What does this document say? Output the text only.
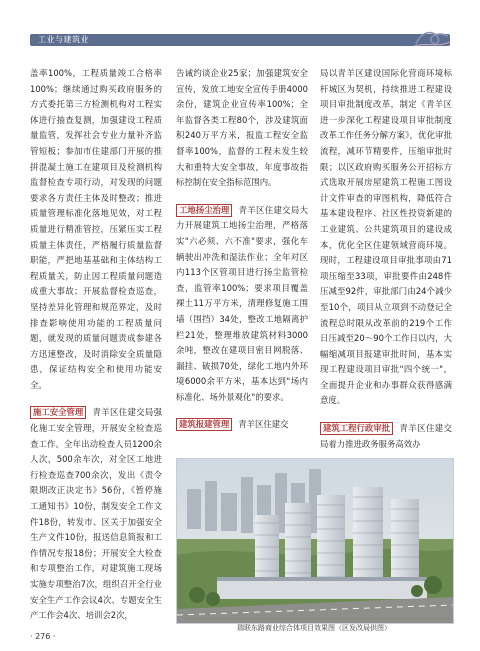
工业与建筑业

盖率100%，工程质量竣工合格率100%；继续通过购买政府服务的方式委托第三方检测机构对工程实体进行抽查复测，加强建设工程质量监管，发挥社会专业力量补齐监管短板；参加市住建部门开展的推拼混凝土施工在建项目及检测机构监督检查专项行动，对发现的问题要求各方责任主体及时整改；推进质量管理标准化落地见效，对工程质量进行精准管控，压紧压实工程质量主体责任，严格履行质量监督职能，严把地基基础和主体结构工程质量关，防止因工程质量问题造成重大事故；开展监督检查巡查，坚持差异化管理和规范界定，及时排查影响使用功能的工程质量问题，就发现的质量问题责成参建各方迅速整改，及时消除安全质量隐患，保证结构安全和使用功能安全。

施工安全管理 青羊区住建交局强化施工安全管理，开展安全检查巡查工作。全年出动检查人员1200余人次，500余车次，对全区工地进行检查巡查700余次，发出《责令限期改正决定书》56份，《暂停施工通知书》10份，制发安全工作文件18份，转发市、区关于加强安全生产文件10份，报送信息简报和工作情况专报18份；开展安全大检查和专项整治工作，对建筑施工现场实施专项整治7次，组织召开全行业安全生产工作会议4次、专题安全生产工作会4次、培训会2次，

告诫约谈企业25家；加强建筑安全宣传，发放工地安全宣传手册4000余份，建筑企业宣传率100%；全年监督各类工程80个，涉及建筑面积240万平方米，报监工程安全监督率100%，监督的工程未发生较大和重特大安全事故，年度事故指标控制在安全指标范围内。

工地扬尘治理 青羊区住建交局大力开展建筑工地扬尘治理，严格落实"六必须、六不准"要求，强化车辆驶出冲洗和湿法作业；全年对区内113个区管项目进行扬尘监管检查，监管率100%；要求项目覆盖裸土11万平方米，清理修复施工围墙（围挡）34处，整改工地隔离护栏21处，整理堆放建筑材料3000余吨，整改在建项目密目网脱落、漏挂、破损70处，绿化工地内外环境6000余平方米，基本达到"场内标准化、场外景观化"的要求。

建筑报建管理 青羊区住建交

局以青羊区建设国际化营商环境标杆城区为契机，持续推进工程建设项目审批制度改革，制定《青羊区进一步深化工程建设项目审批制度改革工作任务分解方案》，优化审批流程，减环节精要件，压缩审批时限；以区政府购买服务公开招标方式选取开展房屋建筑工程施工图设计文件审查的审图机构，降低符合基本建设程序、社区性投资新建的工业建筑、公共建筑项目的建设成本，优化全区住建领域营商环境。现时，工程建设项目审批事项由71项压缩至33项，审批要件由248件压减至92件，审批部门由24个减少至10个，项目从立项到不动登记全流程总时限从改革前的219个工作日压减至20～90个工作日以内，大幅缩减项目报建审批时间，基本实现工程建设项目审批"四个统一"，全面提升企业和办事群众获得感满意度。

建筑工程行政审批 青羊区住建交局着力推进政务服务高效办

瑞联东路商业综合体项目效果图（区发改局供图）
· 276 ·
